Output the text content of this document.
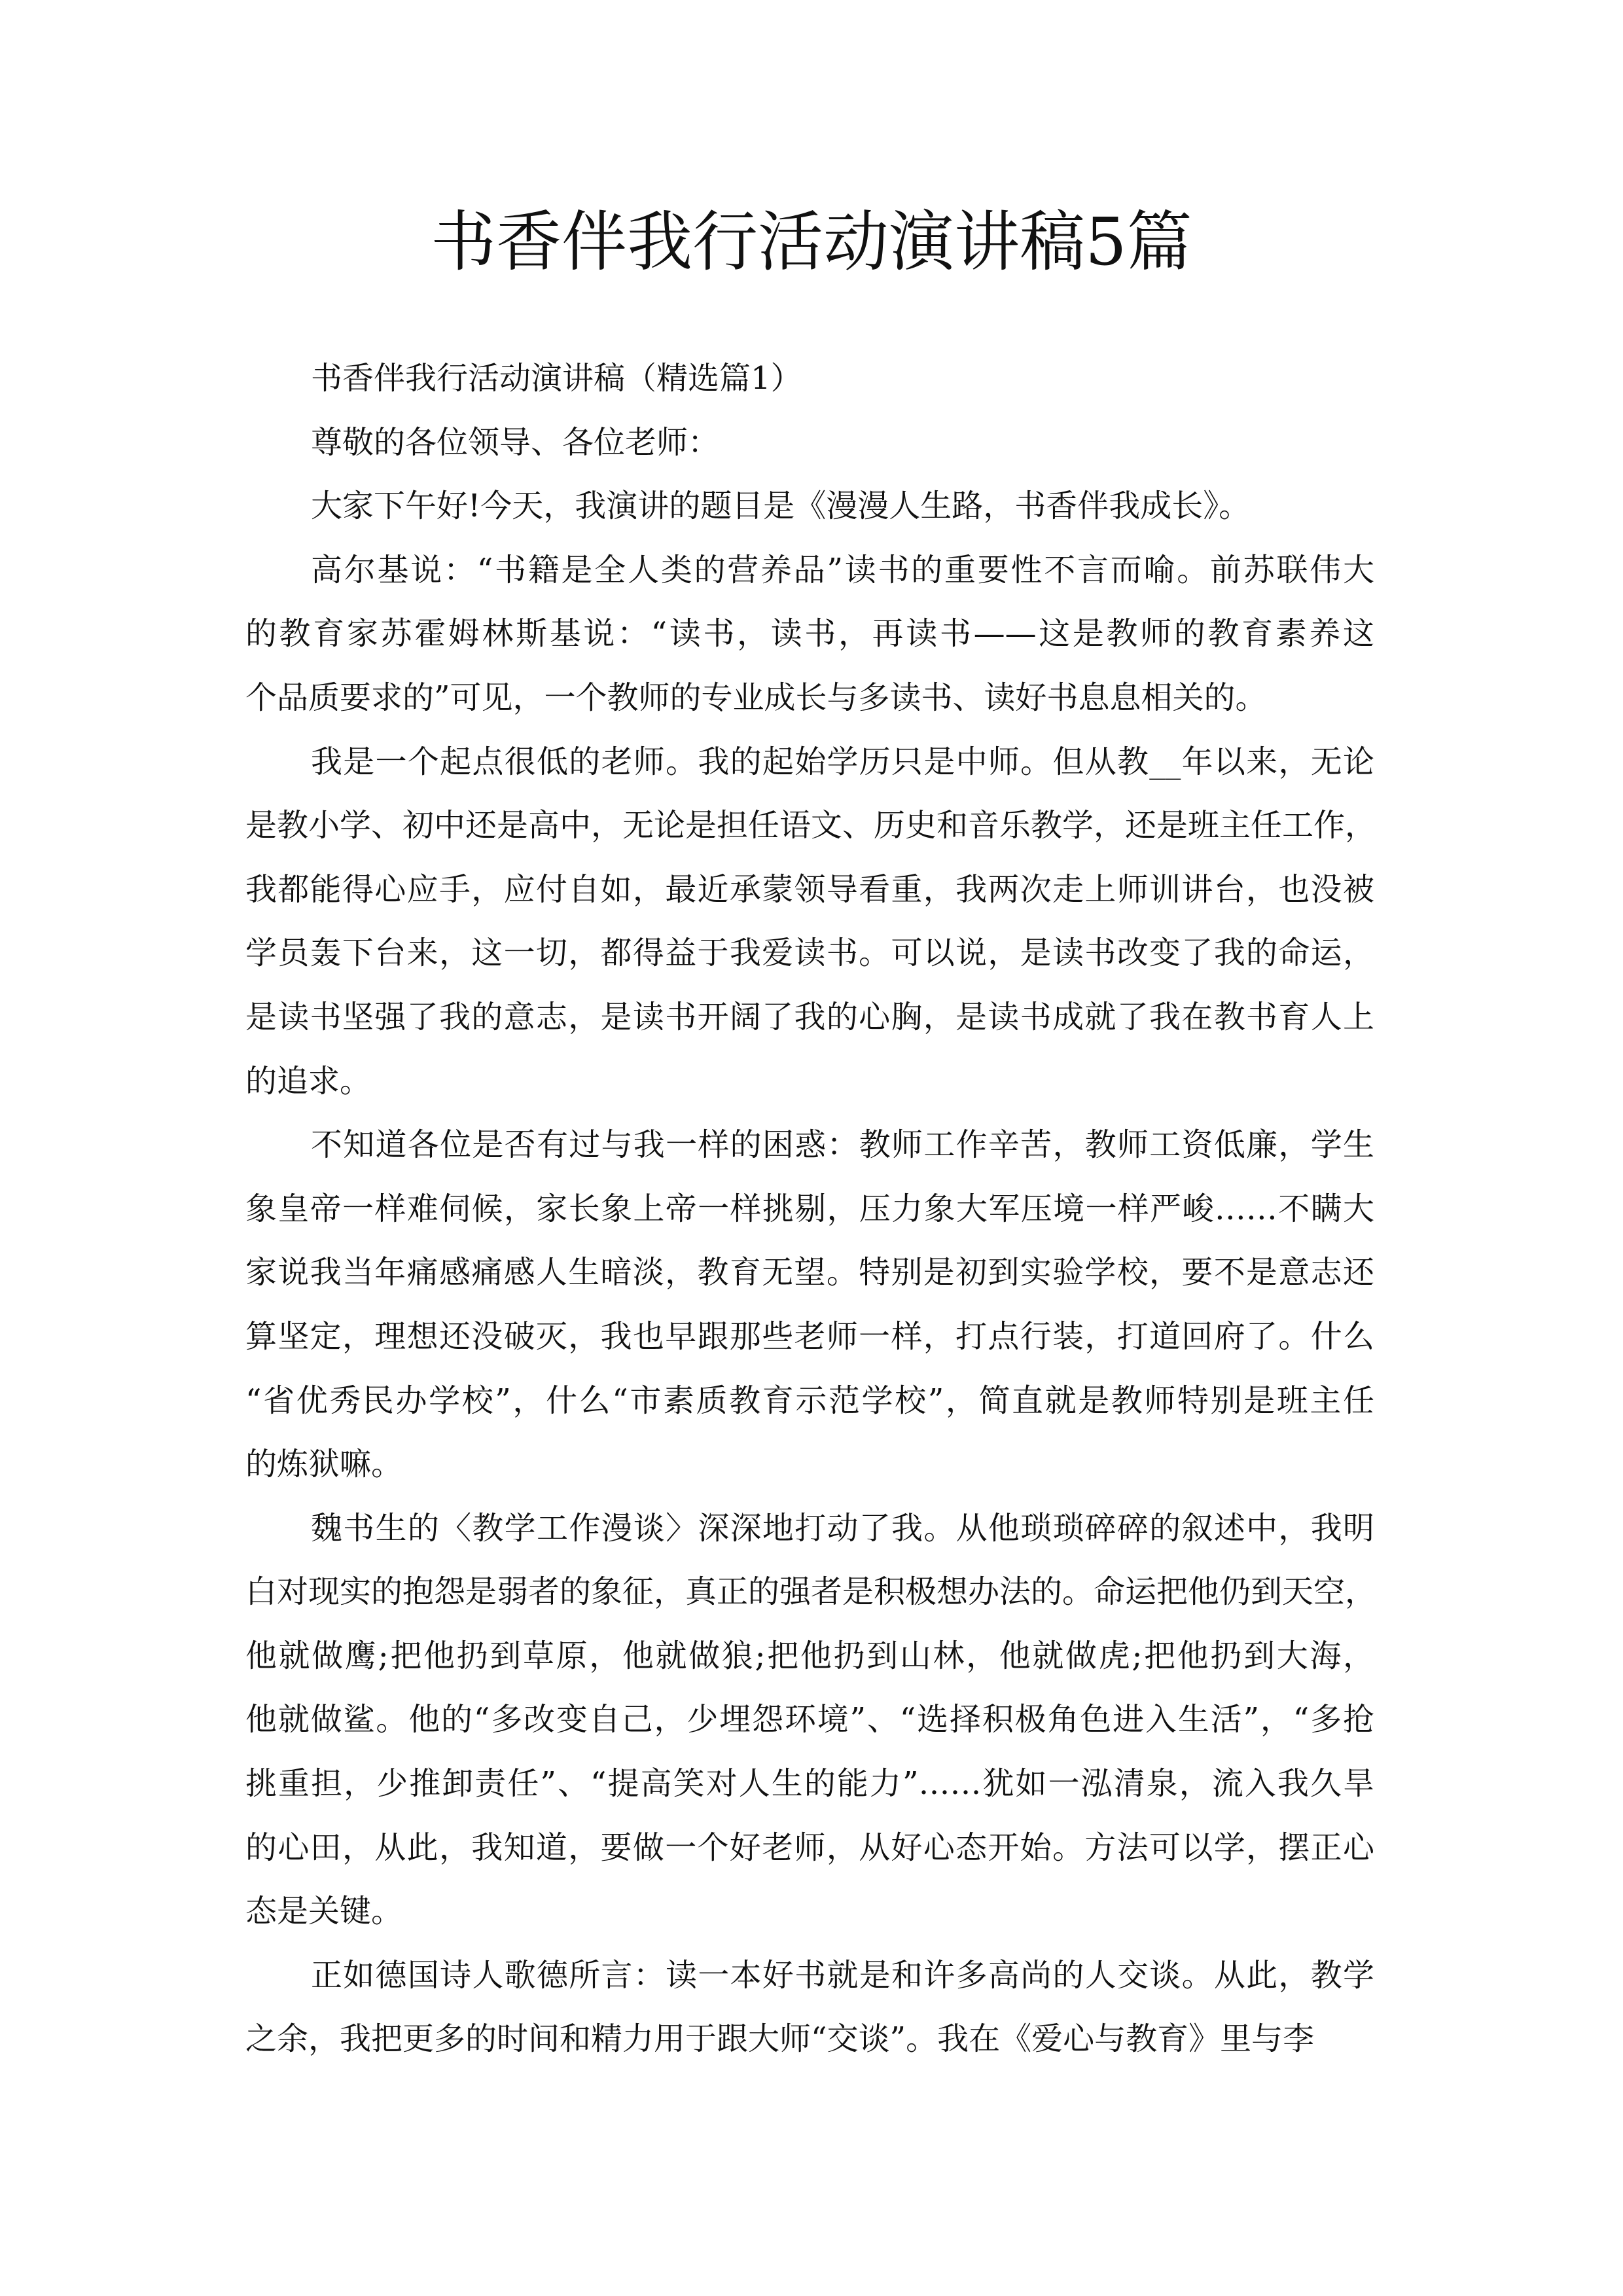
书香伴我行活动演讲稿5篇
书香伴我行活动演讲稿（精选篇1）
尊敬的各位领导、各位老师：
大家下午好!今天，我演讲的题目是《漫漫人生路，书香伴我成长》。
高尔基说：“书籍是全人类的营养品”读书的重要性不言而喻。前苏联伟大
的教育家苏霍姆林斯基说：“读书，读书，再读书——这是教师的教育素养这
个品质要求的”可见，一个教师的专业成长与多读书、读好书息息相关的。
我是一个起点很低的老师。我的起始学历只是中师。但从教__年以来，无论
是教小学、初中还是高中，无论是担任语文、历史和音乐教学，还是班主任工作，
我都能得心应手，应付自如，最近承蒙领导看重，我两次走上师训讲台，也没被
学员轰下台来，这一切，都得益于我爱读书。可以说，是读书改变了我的命运，
是读书坚强了我的意志，是读书开阔了我的心胸，是读书成就了我在教书育人上
的追求。
不知道各位是否有过与我一样的困惑：教师工作辛苦，教师工资低廉，学生
象皇帝一样难伺候，家长象上帝一样挑剔，压力象大军压境一样严峻……不瞒大
家说我当年痛感痛感人生暗淡，教育无望。特别是初到实验学校，要不是意志还
算坚定，理想还没破灭，我也早跟那些老师一样，打点行装，打道回府了。什么
“省优秀民办学校”，什么“市素质教育示范学校”，简直就是教师特别是班主任
的炼狱嘛。
魏书生的〈教学工作漫谈〉深深地打动了我。从他琐琐碎碎的叙述中，我明
白对现实的抱怨是弱者的象征，真正的强者是积极想办法的。命运把他仍到天空，
他就做鹰;把他扔到草原，他就做狼;把他扔到山林，他就做虎;把他扔到大海，
他就做鲨。他的“多改变自己，少埋怨环境”、“选择积极角色进入生活”，“多抢
挑重担，少推卸责任”、“提高笑对人生的能力”……犹如一泓清泉，流入我久旱
的心田，从此，我知道，要做一个好老师，从好心态开始。方法可以学，摆正心
态是关键。
正如德国诗人歌德所言：读一本好书就是和许多高尚的人交谈。从此，教学
之余，我把更多的时间和精力用于跟大师“交谈”。我在《爱心与教育》里与李
